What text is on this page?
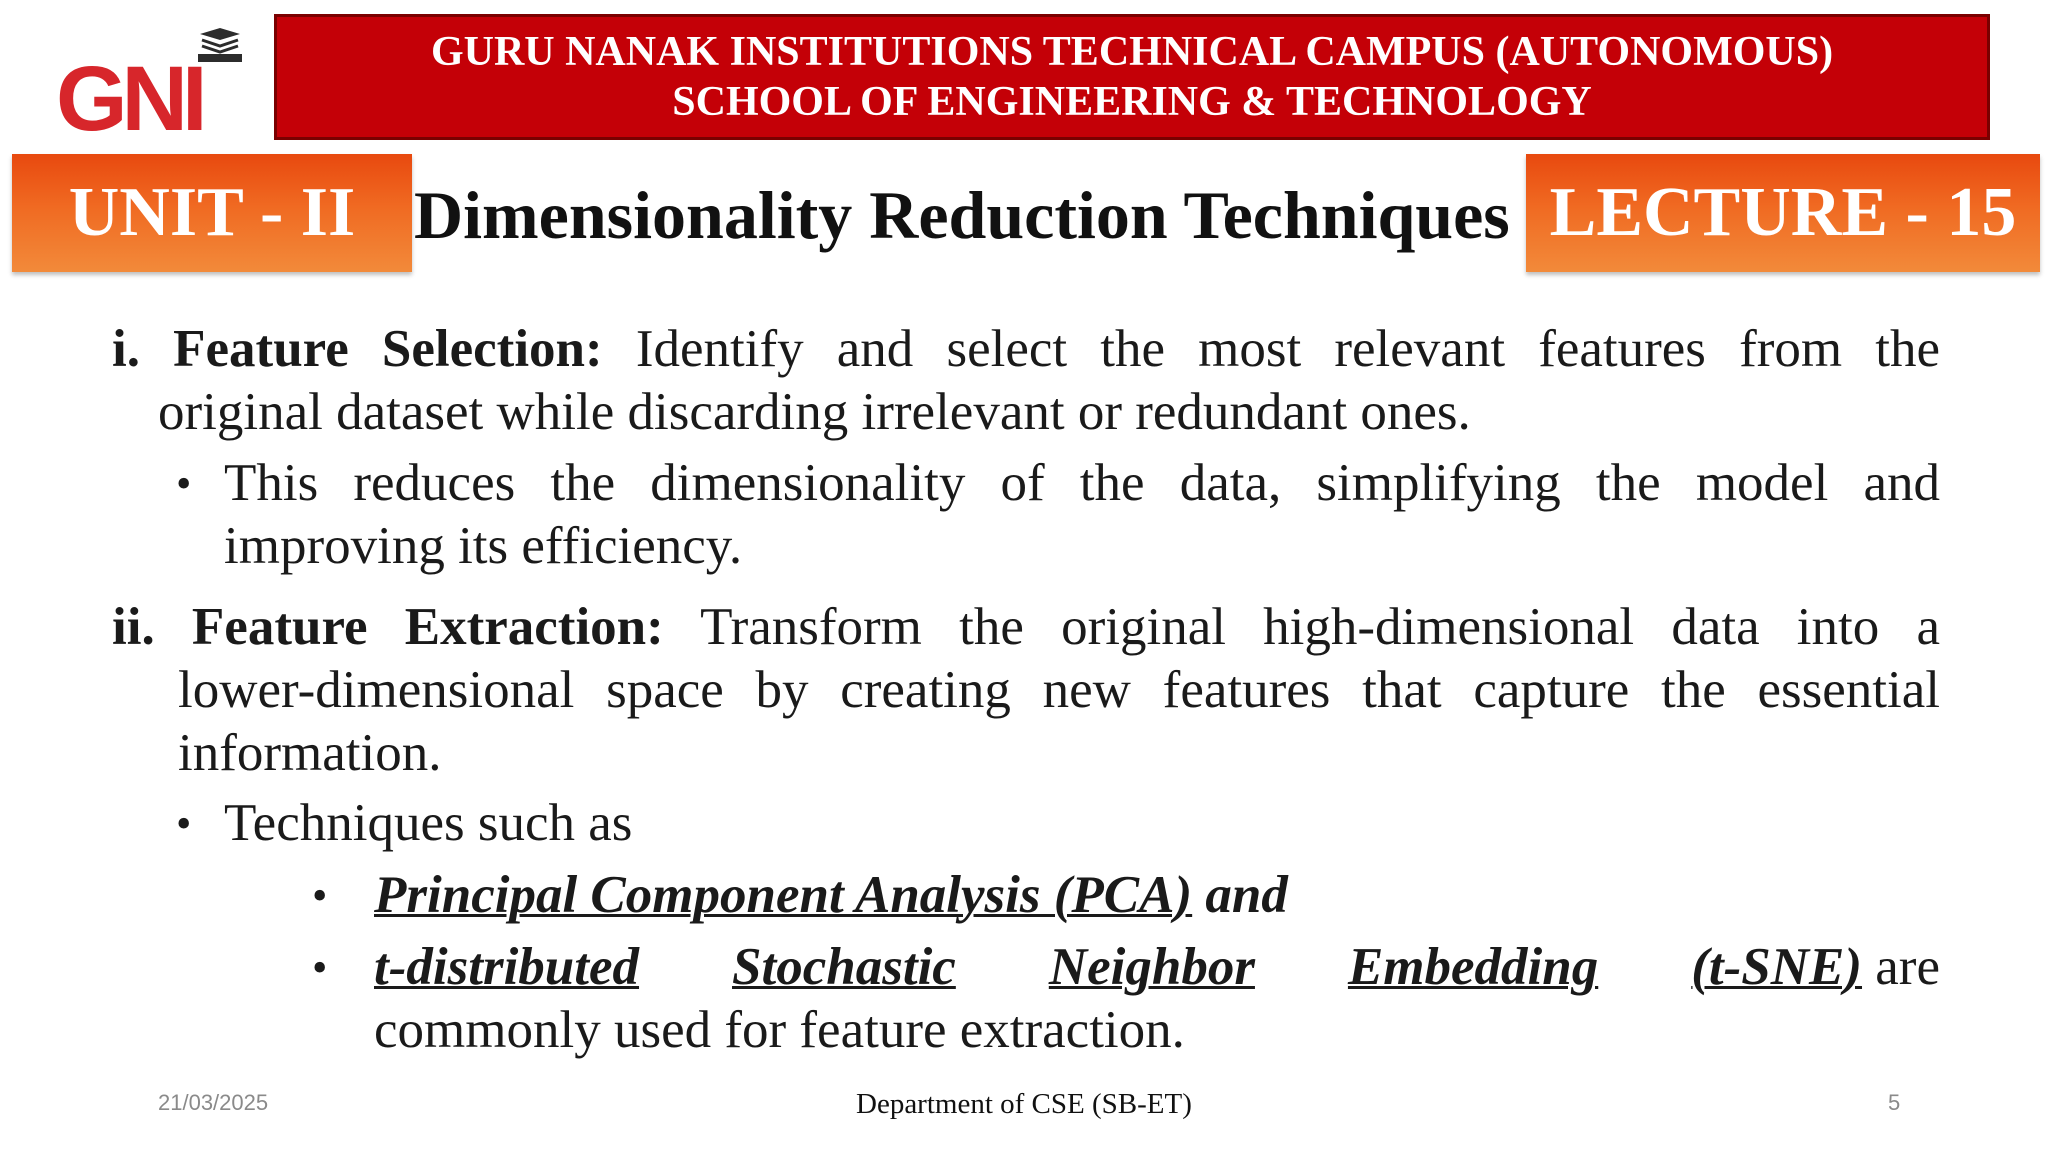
GNI	GURU NANAK INSTITUTIONS TECHNICAL CAMPUS (AUTONOMOUS)
SCHOOL OF ENGINEERING & TECHNOLOGY
UNIT - II Dimensionality Reduction Techniques LECTURE - 15
i. Feature Selection: Identify and select the most relevant features from the
original dataset while discarding irrelevant or redundant ones.
• This reduces the dimensionality of the data, simplifying the model and
improving its efficiency.
ii. Feature Extraction: Transform the original high-dimensional data into a
lower-dimensional space by creating new features that capture the essential
information.
• Techniques such as
• Principal Component Analysis (PCA) and
• t-distributed Stochastic Neighbor Embedding (t-SNE) are
commonly used for feature extraction.
21/03/2025	Department of CSE (SB-ET)	5
